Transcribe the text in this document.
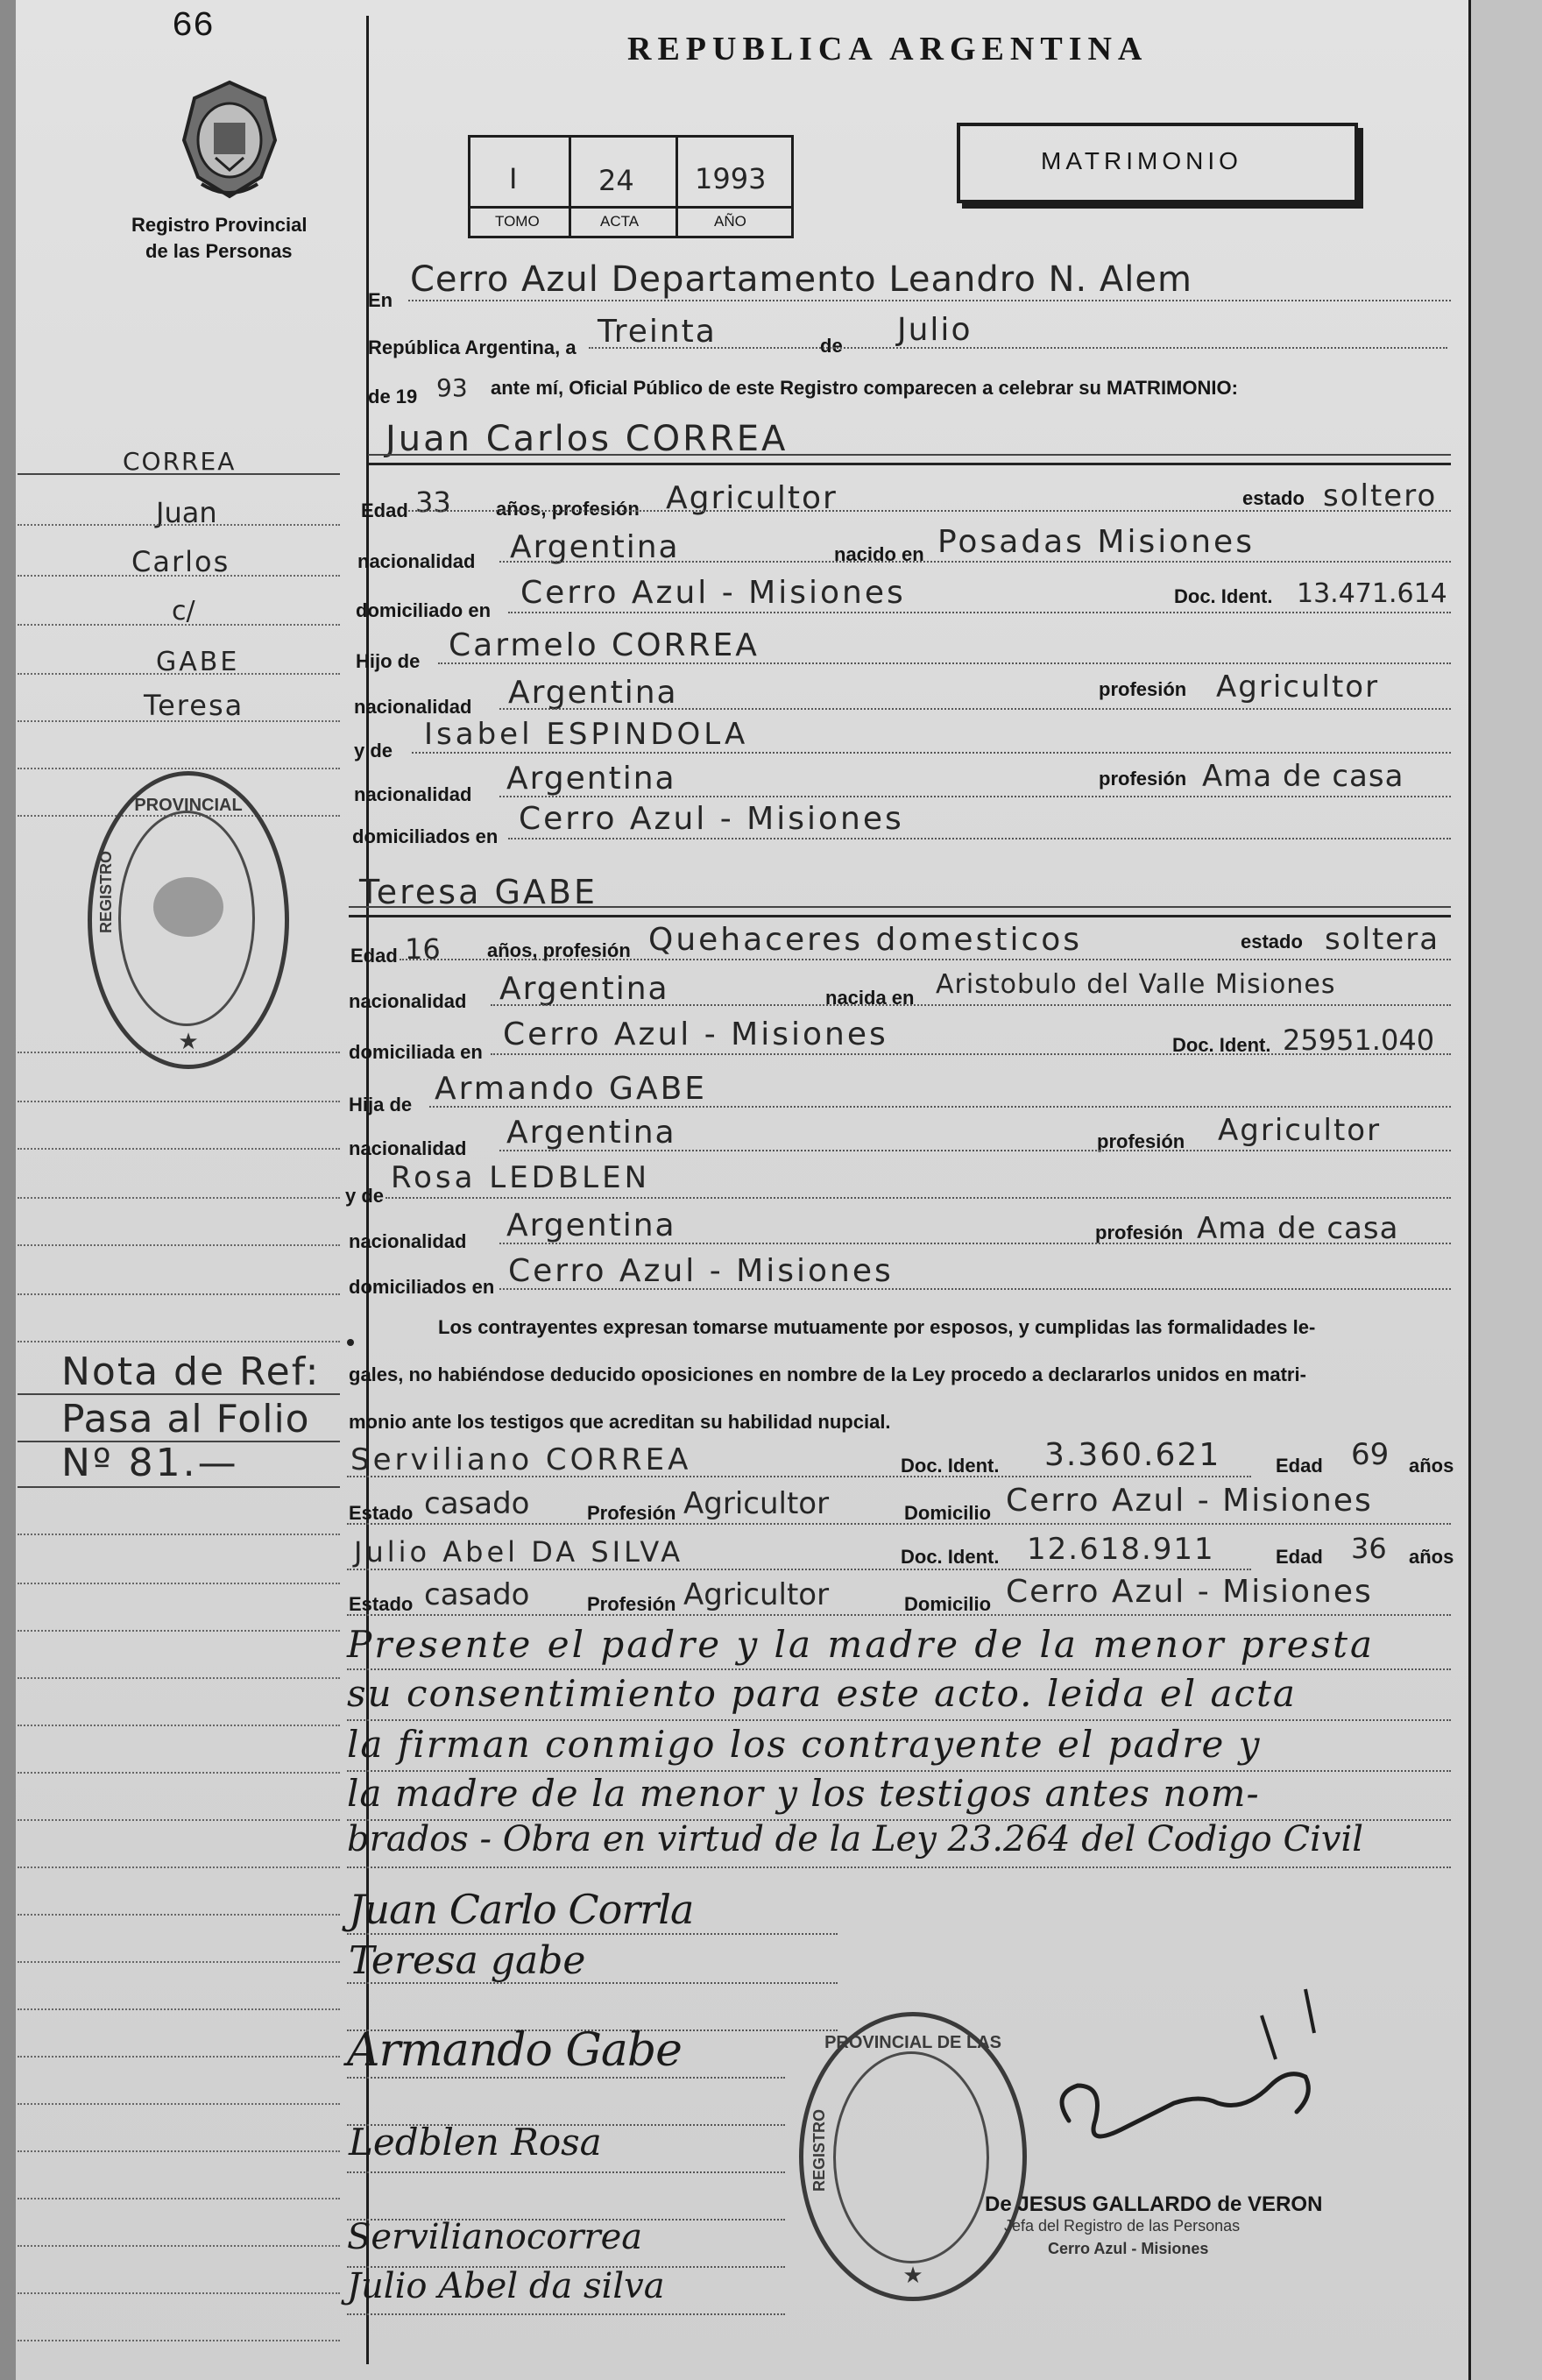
66
Registro Provincial
de las Personas
REPUBLICA ARGENTINA
I	24 1993
TOMO	ACTA	AÑO
MATRIMONIO
En
Cerro Azul Departamento Leandro N. Alem
República Argentina, a Treinta	de Julio
de 19 93 ante mí, Oficial Público de este Registro comparecen a celebrar su MATRIMONIO:
Juan Carlos CORREA
Edad 33 años, profesión Agricultor	estado soltero
nacionalidad Argentina	nacido en Posadas Misiones
domiciliado en Cerro Azul - Misiones	Doc. Ident. 13.471.614
Hijo de Carmelo CORREA
nacionalidad Argentina	profesión Agricultor
y de Isabel ESPINDOLA
nacionalidad Argentina	profesión Ama de casa
domiciliados en Cerro Azul - Misiones
Teresa GABE
Edad 16 años, profesión Quehaceres domesticos	estado soltera
nacionalidad Argentina	nacida en Aristobulo del Valle Misiones
domiciliada en Cerro Azul - Misiones	Doc. Ident. 25951.040
Hija de Armando GABE
nacionalidad Argentina	profesión Agricultor
y de
Rosa LEDBLEN
nacionalidad Argentina	profesión Ama de casa
domiciliados en Cerro Azul - Misiones
Los contrayentes expresan tomarse mutuamente por esposos, y cumplidas las formalidades le-
gales, no habiéndose deducido oposiciones en nombre de la Ley procedo a declararlos unidos en matri-
monio ante los testigos que acreditan su habilidad nupcial.
Serviliano CORREA	Doc. Ident. 3.360.621	Edad 69 años
Estado casado	Profesión Agricultor	Domicilio Cerro Azul - Misiones
Julio Abel DA SILVA	Doc. Ident. 12.618.911	Edad 36 años
Estado casado	Profesión Agricultor	Domicilio Cerro Azul - Misiones
Presente el padre y la madre de la menor presta
su consentimiento para este acto. leida el acta
la firman conmigo los contrayente el padre y
la madre de la menor y los testigos antes nom-
brados - Obra en virtud de la Ley 23.264 del Codigo Civil
CORREA
Juan
Carlos
c/
GABE
Teresa
Nota de Ref:
Pasa al Folio
Nº 81.—
PROVINCIAL
REGISTRO
★
Juan Carlo Corrla
Teresa gabe
Armando Gabe
Ledblen Rosa
Servilianocorrea
Julio Abel da silva
PROVINCIAL DE LAS
REGISTRO
★
De JESUS GALLARDO de VERON
Jefa del Registro de las Personas
Cerro Azul - Misiones
